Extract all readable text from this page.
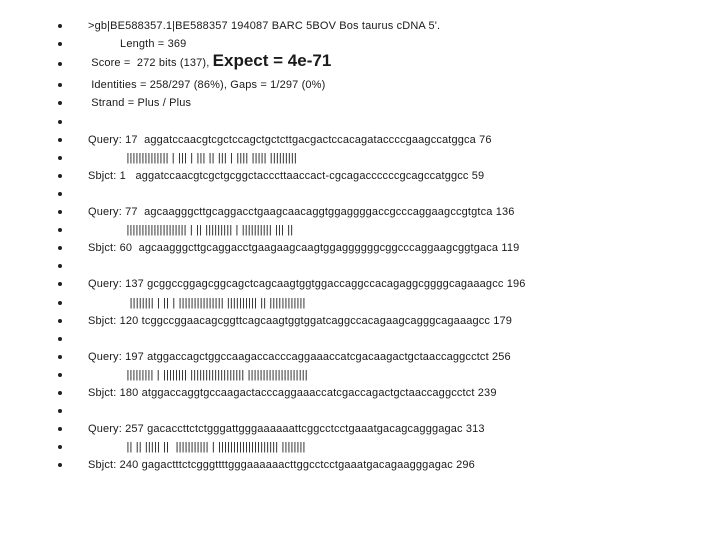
>gb|BE588357.1|BE588357 194087 BARC 5BOV Bos taurus cDNA 5'.
Length = 369
Score =  272 bits (137), Expect = 4e-71
Identities = 258/297 (86%), Gaps = 1/297 (0%)
Strand = Plus / Plus
Query: 17  aggatccaacgtcgctccagctgctcttgacgactccacagataccccgaagccatggca 76
|||||||||||||| | ||| | ||| || ||| | |||| ||||| |||||||||
Sbjct: 1   aggatccaacgtcgctgcggctacccttaaccact-cgcagaccccccgcagccatggcc 59
Query: 77  agcaagggcttgcaggacctgaagcaacaggtggaggggaccgcccaggaagccgtgtca 136
|||||||||||||||||||| | || ||||||||| | |||||||||| ||| ||
Sbjct: 60  agcaagggcttgcaggacctgaagaagcaagtggaggggggcggcccaggaagcggtgaca 119
Query: 137 gcggccggagcggcagctcagcaagtggtggaccaggccacagaggcggggcagaaagcc 196
|||||||| | || | ||||||||||||||| |||||||||| || ||||||||||||
Sbjct: 120 tcggccggaacagcggttcagcaagtggtggatcaggccacagaagcagggcagaaagcc 179
Query: 197 atggaccagctggccaagaccacccaggaaaccatcgacaagactgctaaccaggcctct 256
||||||||| | |||||||| |||||||||||||||||| ||||||||||||||||||||
Sbjct: 180 atggaccaggtgccaagactacccaggaaaccatcgaccagactgctaaccaggcctct 239
Query: 257 gacaccttctctgggattgggaaaaaattcggcctcctgaaatgacagcagggagac 313
|| || ||||| ||  ||||||||||| | |||||||||||||||||||| ||||||||
Sbjct: 240 gagactttctcgggttttgggaaaaaacttggcctcctgaaatgacagaagggagac 296
